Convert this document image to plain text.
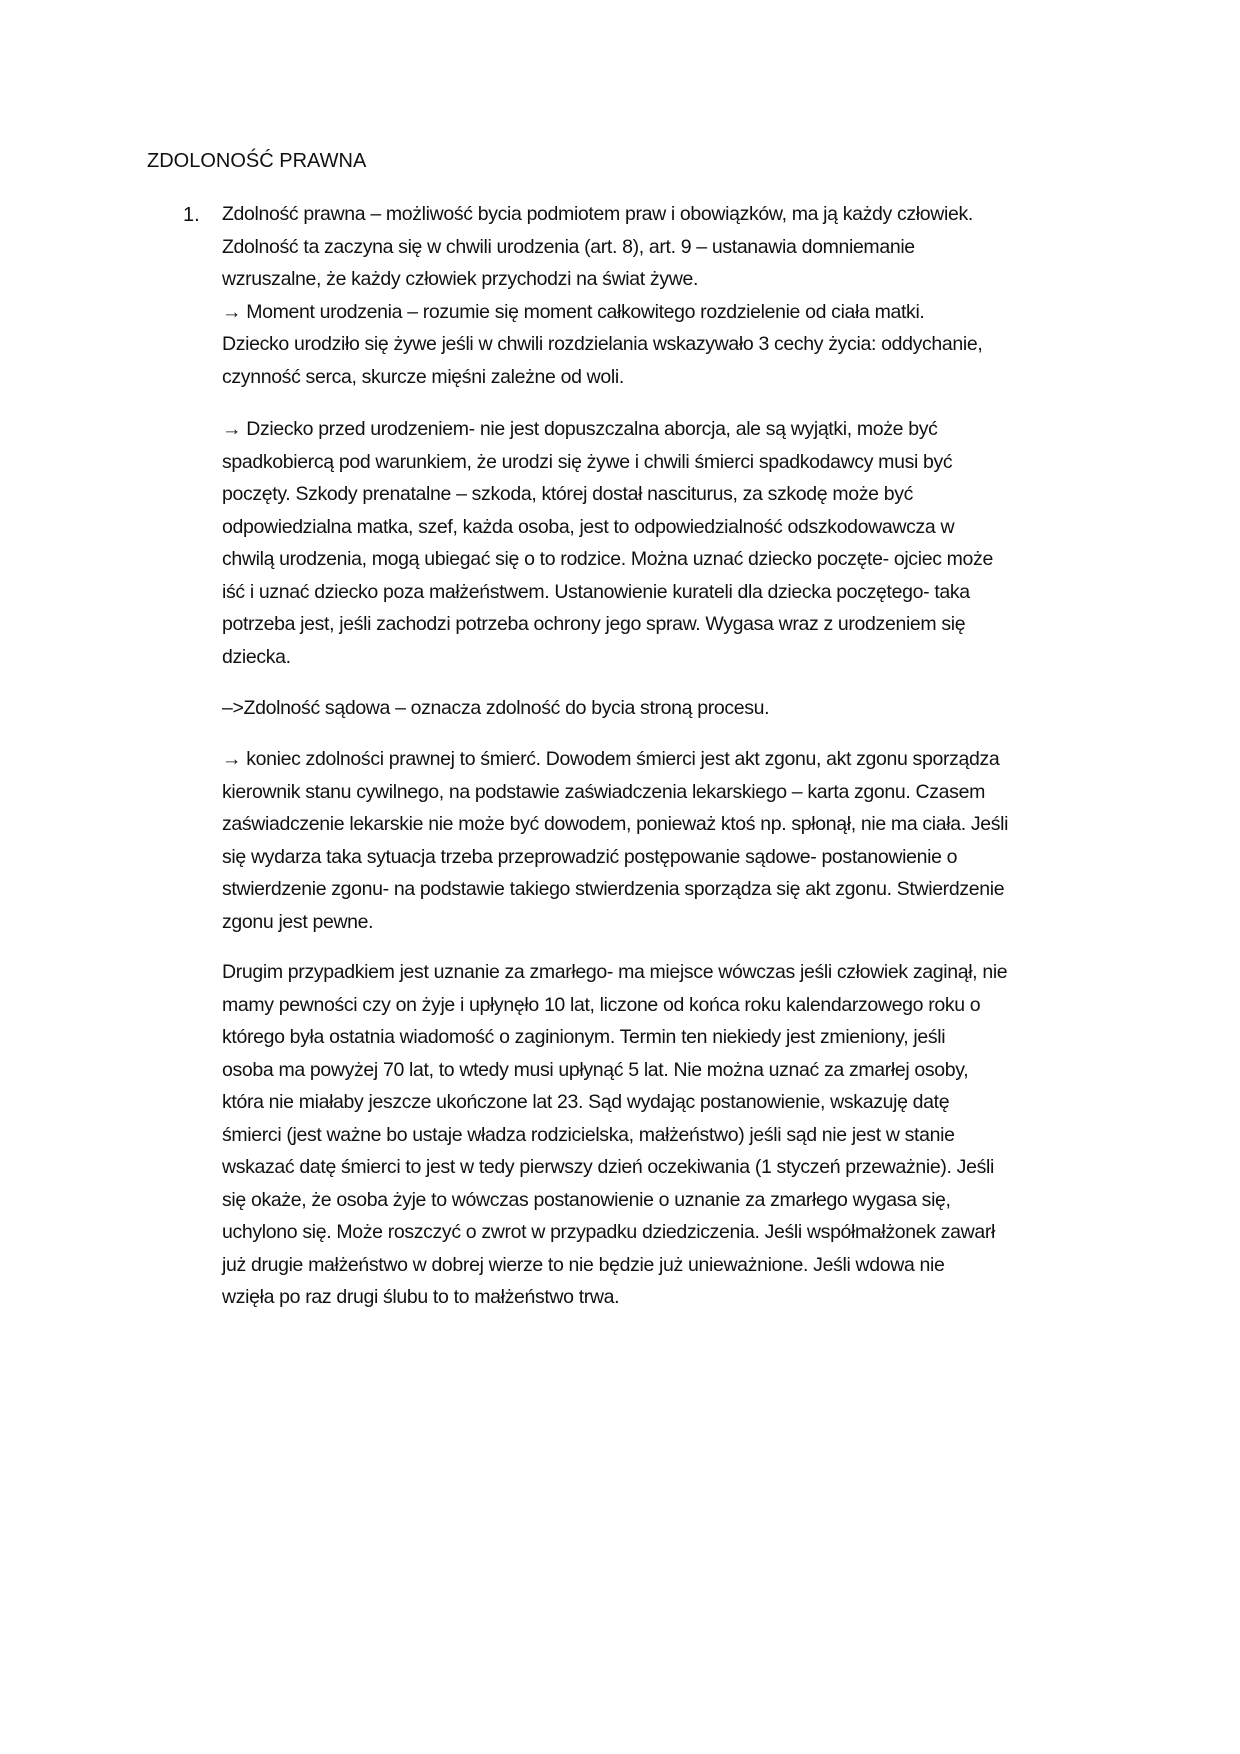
ZDOLONOŚĆ PRAWNA
1. Zdolność prawna – możliwość bycia podmiotem praw i obowiązków, ma ją każdy człowiek.
Zdolność ta zaczyna się w chwili urodzenia (art. 8), art. 9 – ustanawia domniemanie
wzruszalne, że każdy człowiek przychodzi na świat żywe.
→ Moment urodzenia – rozumie się moment całkowitego rozdzielenie od ciała matki.
Dziecko urodziło się żywe jeśli w chwili rozdzielania wskazywało 3 cechy życia: oddychanie,
czynność serca, skurcze mięśni zależne od woli.
→ Dziecko przed urodzeniem- nie jest dopuszczalna aborcja, ale są wyjątki, może być
spadkobiercą pod warunkiem, że urodzi się żywe i chwili śmierci spadkodawcy musi być
poczęty. Szkody prenatalne – szkoda, której dostał nasciturus, za szkodę może być
odpowiedzialna matka, szef, każda osoba, jest to odpowiedzialność odszkodowawcza w
chwilą urodzenia, mogą ubiegać się o to rodzice. Można uznać dziecko poczęte- ojciec może
iść i uznać dziecko poza małżeństwem. Ustanowienie kurateli dla dziecka poczętego- taka
potrzeba jest, jeśli zachodzi potrzeba ochrony jego spraw. Wygasa wraz z urodzeniem się
dziecka.
–>Zdolność sądowa – oznacza zdolność do bycia stroną procesu.
→ koniec zdolności prawnej to śmierć. Dowodem śmierci jest akt zgonu, akt zgonu sporządza
kierownik stanu cywilnego, na podstawie zaświadczenia lekarskiego – karta zgonu. Czasem
zaświadczenie lekarskie nie może być dowodem, ponieważ ktoś np. spłonął, nie ma ciała. Jeśli
się wydarza taka sytuacja trzeba przeprowadzić postępowanie sądowe- postanowienie o
stwierdzenie zgonu- na podstawie takiego stwierdzenia sporządza się akt zgonu. Stwierdzenie
zgonu jest pewne.
Drugim przypadkiem jest uznanie za zmarłego- ma miejsce wówczas jeśli człowiek zaginął, nie
mamy pewności czy on żyje i upłynęło 10 lat, liczone od końca roku kalendarzowego roku o
którego była ostatnia wiadomość o zaginionym. Termin ten niekiedy jest zmieniony, jeśli
osoba ma powyżej 70 lat, to wtedy musi upłynąć 5 lat. Nie można uznać za zmarłej osoby,
która nie miałaby jeszcze ukończone lat 23. Sąd wydając postanowienie, wskazuję datę
śmierci (jest ważne bo ustaje władza rodzicielska, małżeństwo) jeśli sąd nie jest w stanie
wskazać datę śmierci to jest w tedy pierwszy dzień oczekiwania (1 styczeń przeważnie). Jeśli
się okaże, że osoba żyje to wówczas postanowienie o uznanie za zmarłego wygasa się,
uchylono się. Może roszczyć o zwrot w przypadku dziedziczenia. Jeśli współmałżonek zawarł
już drugie małżeństwo w dobrej wierze to nie będzie już unieważnione. Jeśli wdowa nie
wzięła po raz drugi ślubu to to małżeństwo trwa.
